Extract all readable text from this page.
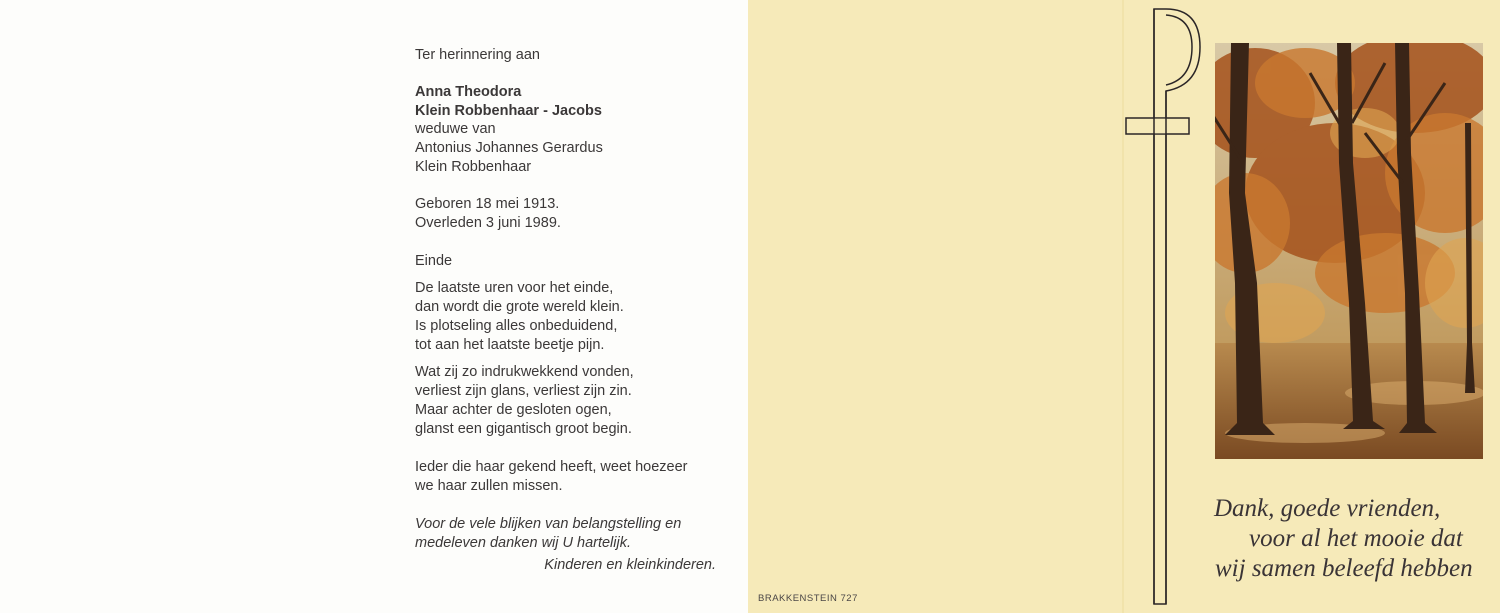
Ter herinnering aan
Anna Theodora
Klein Robbenhaar - Jacobs
weduwe van
Antonius Johannes Gerardus
Klein Robbenhaar
Geboren 18 mei 1913.
Overleden 3 juni 1989.
Einde
De laatste uren voor het einde,
dan wordt die grote wereld klein.
Is plotseling alles onbeduidend,
tot aan het laatste beetje pijn.
Wat zij zo indrukwekkend vonden,
verliest zijn glans, verliest zijn zin.
Maar achter de gesloten ogen,
glanst een gigantisch groot begin.
Ieder die haar gekend heeft, weet hoezeer
we haar zullen missen.
Voor de vele blijken van belangstelling en
medeleven danken wij U hartelijk.
Kinderen en kleinkinderen.
BRAKKENSTEIN 727
Dank, goede vrienden,
voor al het mooie dat
wij samen beleefd hebben
